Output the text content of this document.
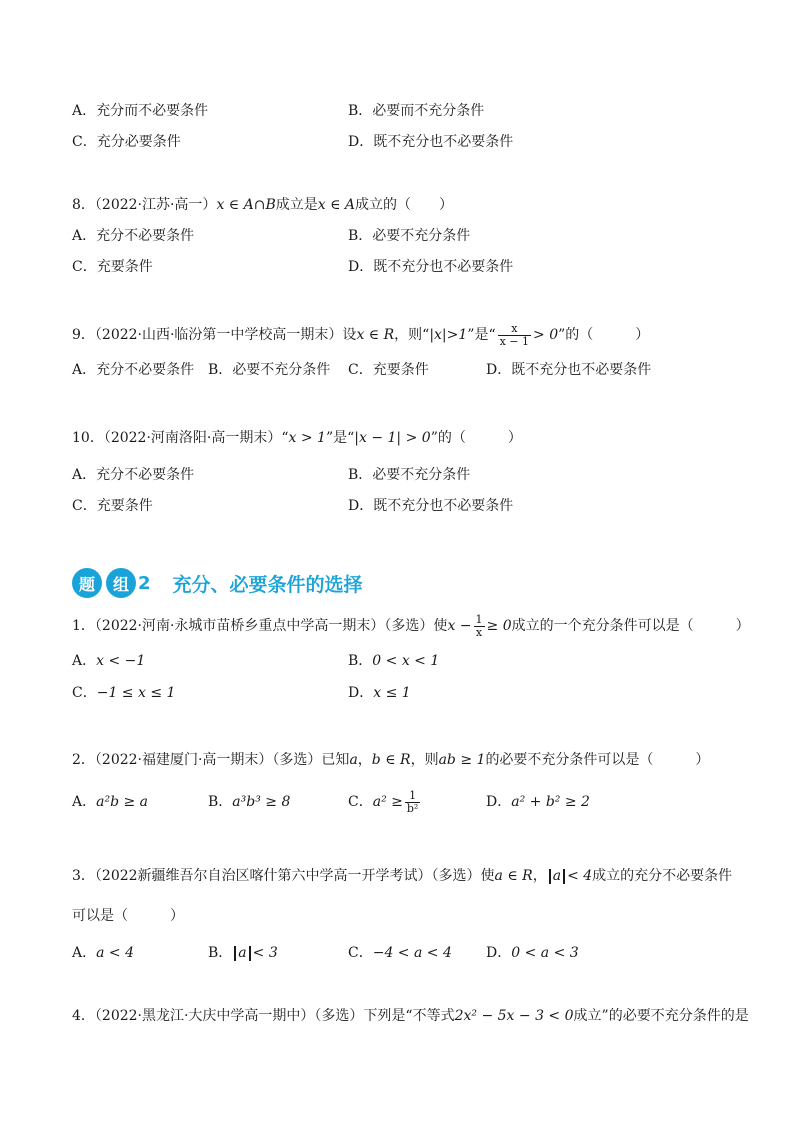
A．充分而不必要条件	B．必要而不充分条件
C．充分必要条件	D．既不充分也不必要条件
8．（2022·江苏·高一）x ∈ A∩B成立是x ∈ A成立的（　　）
A．充分不必要条件	B．必要不充分条件
C．充要条件	D．既不充分也不必要条件
9．（2022·山西·临汾第一中学校高一期末）设x ∈ R，则“|x|>1”是“ $\frac{x}{x - 1} > 0$”的（　　　）
A．充分不必要条件 B．必要不充分条件 C．充要条件	D．既不充分也不必要条件
10．（2022·河南洛阳·高一期末）“x > 1”是“|x − 1| > 0”的（　　　）
A．充分不必要条件	B．必要不充分条件
C．充要条件	D．既不充分也不必要条件
题	组 2 充分、必要条件的选择
1．（2022·河南·永城市苗桥乡重点中学高一期末）（多选）使$x - \frac{1}{x} \ge 0$成立的一个充分条件可以是（　　　）
A．x < −1	B．0 < x < 1
C．−1 ≤ x ≤ 1	D．x ≤ 1
2．（2022·福建厦门·高一期末）（多选）已知a，b ∈ R，则ab ≥ 1的必要不充分条件可以是（　　　）
A．a²b ≥ a	B．a³b³ ≥ 8	C．$a^2 \ge \frac{1}{\text{b²}}$	D．a² + b² ≥ 2
3．（2022新疆维吾尔自治区喀什第六中学高一开学考试）（多选）使a ∈ R， a < 4成立的充分不必要条件
可以是（　　　）
A．a < 4	B． a < 3	C．−4 < a < 4 D．0 < a < 3
4．（2022·黑龙江·大庆中学高一期中）（多选）下列是“不等式2x² − 5x − 3 < 0成立”的必要不充分条件的是
